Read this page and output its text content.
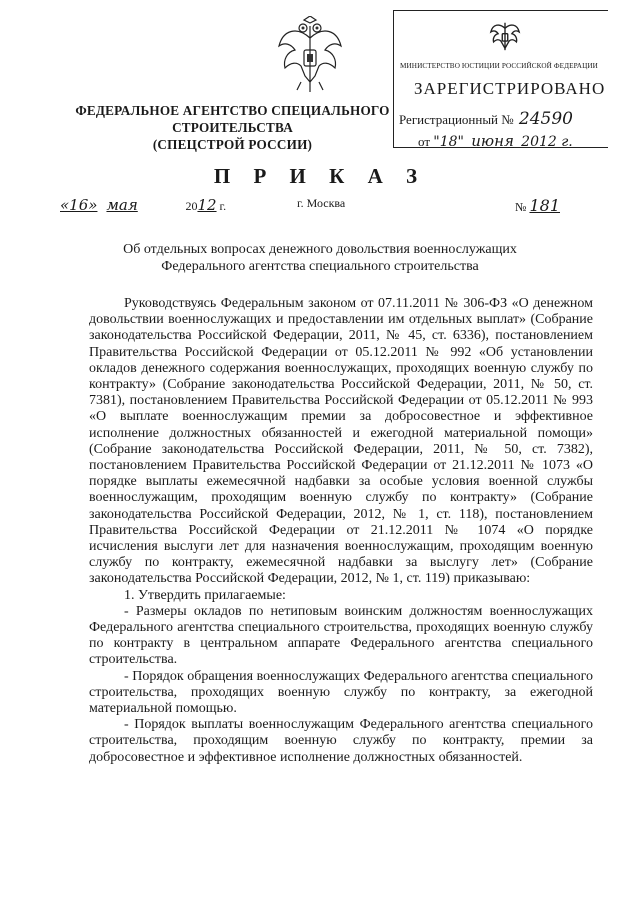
ФЕДЕРАЛЬНОЕ АГЕНТСТВО СПЕЦИАЛЬНОГО СТРОИТЕЛЬСТВА
(СПЕЦСТРОЙ РОССИИ)
МИНИСТЕРСТВО ЮСТИЦИИ РОССИЙСКОЙ ФЕДЕРАЦИИ
ЗАРЕГИСТРИРОВАНО
Регистрационный № 24590
от "18" июня 2012 г.
П Р И К А З
«16» мая	2012 г.	г. Москва	№ 181
Об отдельных вопросах денежного довольствия военнослужащих
Федерального агентства специального строительства

Руководствуясь Федеральным законом от 07.11.2011 № 306-ФЗ «О денежном довольствии военнослужащих и предоставлении им отдельных выплат» (Собрание законодательства Российской Федерации, 2011, № 45, ст. 6336), постановлением Правительства Российской Федерации от 05.12.2011 № 992 «Об установлении окладов денежного содержания военнослужащих, проходящих военную службу по контракту» (Собрание законодательства Российской Федерации, 2011, № 50, ст. 7381), постановлением Правительства Российской Федерации от 05.12.2011 № 993 «О выплате военнослужащим премии за добросовестное и эффективное исполнение должностных обязанностей и ежегодной материальной помощи» (Собрание законодательства Российской Федерации, 2011, № 50, ст. 7382), постановлением Правительства Российской Федерации от 21.12.2011 № 1073 «О порядке выплаты ежемесячной надбавки за особые условия военной службы военнослужащим, проходящим военную службу по контракту» (Собрание законодательства Российской Федерации, 2012, № 1, ст. 118), постановлением Правительства Российской Федерации от 21.12.2011 № 1074 «О порядке исчисления выслуги лет для назначения военнослужащим, проходящим военную службу по контракту, ежемесячной надбавки за выслугу лет» (Собрание законодательства Российской Федерации, 2012, № 1, ст. 119) приказываю:

1. Утвердить прилагаемые:

- Размеры окладов по нетиповым воинским должностям военнослужащих Федерального агентства специального строительства, проходящих военную службу по контракту в центральном аппарате Федерального агентства специального строительства.

- Порядок обращения военнослужащих Федерального агентства специального строительства, проходящих военную службу по контракту, за ежегодной материальной помощью.

- Порядок выплаты военнослужащим Федерального агентства специального строительства, проходящим военную службу по контракту, премии за добросовестное и эффективное исполнение должностных обязанностей.
